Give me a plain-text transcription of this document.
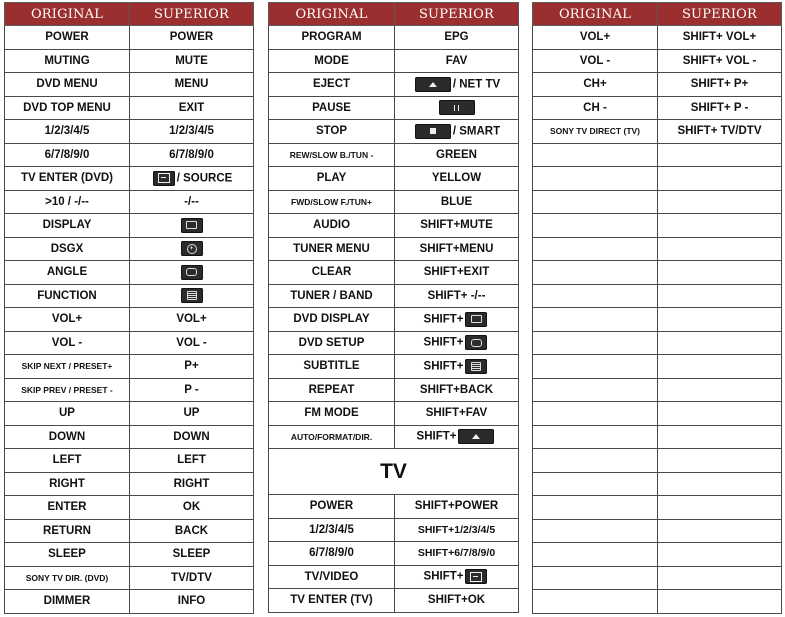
ORIGINAL	SUPERIOR
POWER	POWER
MUTING	MUTE
DVD MENU	MENU
DVD TOP MENU	EXIT
1/2/3/4/5	1/2/3/4/5
6/7/8/9/0	6/7/8/9/0
TV ENTER (DVD)	/ SOURCE
>10 / -/--	-/--
DISPLAY	

DSGX	+

ANGLE	

FUNCTION	

VOL+	VOL+
VOL -	VOL -
SKIP NEXT / PRESET+	P+
SKIP PREV / PRESET -	P -
UP	UP
DOWN	DOWN
LEFT	LEFT
RIGHT	RIGHT
ENTER	OK
RETURN	BACK
SLEEP	SLEEP
SONY TV DIR. (DVD)	TV/DTV
DIMMER	INFO
ORIGINAL	SUPERIOR
PROGRAM	EPG
MODE	FAV
EJECT	/ NET TV
PAUSE	

STOP	/ SMART
REW/SLOW B./TUN -	GREEN
PLAY	YELLOW
FWD/SLOW F./TUN+	BLUE
AUDIO	SHIFT+MUTE
TUNER MENU	SHIFT+MENU
CLEAR	SHIFT+EXIT
TUNER / BAND	SHIFT+ -/--
DVD DISPLAY	SHIFT+

DVD SETUP	SHIFT+

SUBTITLE	SHIFT+

REPEAT	SHIFT+BACK
FM MODE	SHIFT+FAV
AUTO/FORMAT/DIR.	SHIFT+

TV	
POWER	SHIFT+POWER
1/2/3/4/5	SHIFT+1/2/3/4/5
6/7/8/9/0	SHIFT+6/7/8/9/0
TV/VIDEO	SHIFT+

TV ENTER (TV)	SHIFT+OK
ORIGINAL	SUPERIOR
VOL+	SHIFT+ VOL+
VOL -	SHIFT+ VOL -
CH+	SHIFT+ P+
CH -	SHIFT+ P -
SONY TV DIRECT (TV)	SHIFT+ TV/DTV
